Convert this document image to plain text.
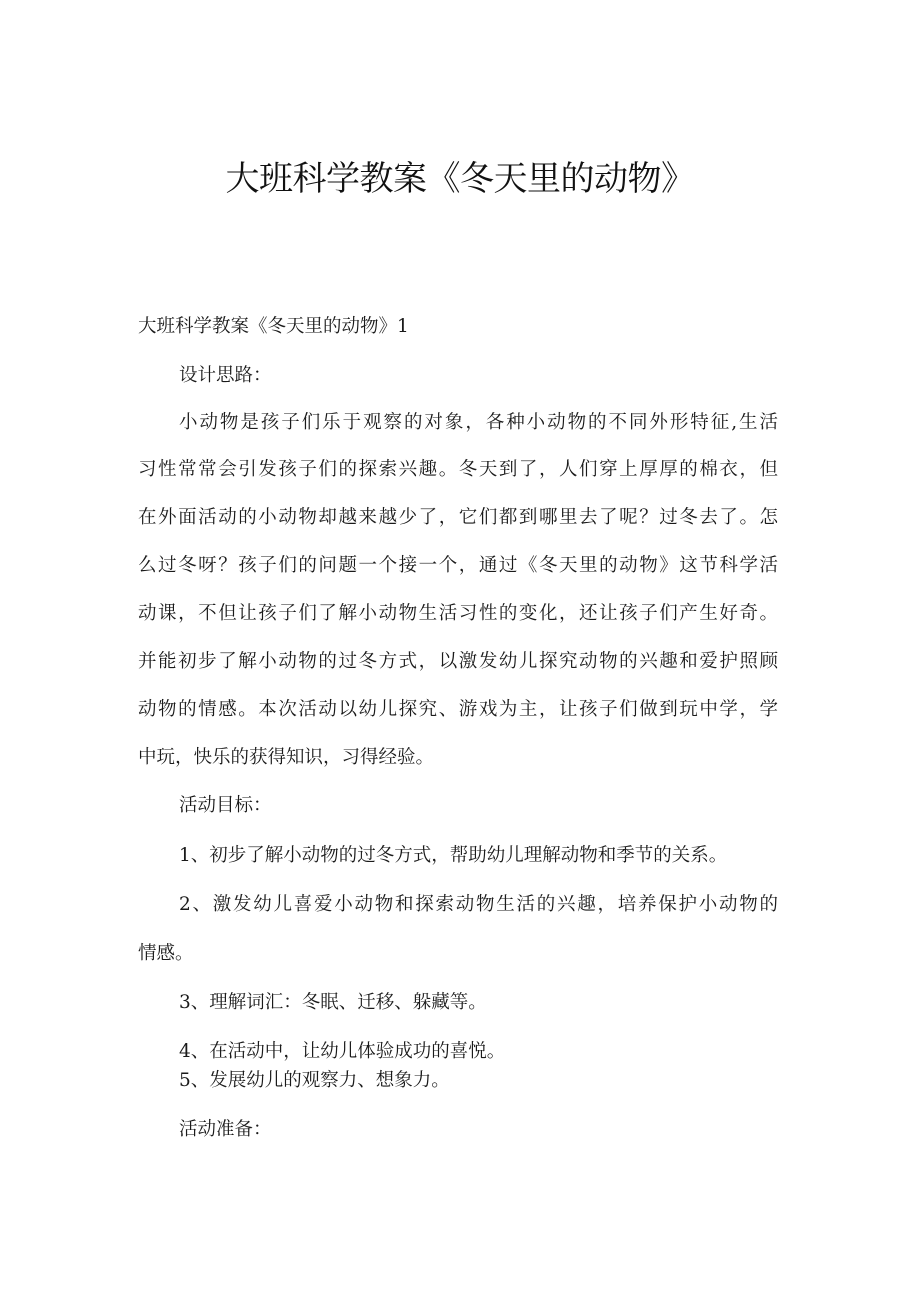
大班科学教案《冬天里的动物》
大班科学教案《冬天里的动物》1
设计思路：
小动物是孩子们乐于观察的对象，各种小动物的不同外形特征,生活
习性常常会引发孩子们的探索兴趣。冬天到了，人们穿上厚厚的棉衣，但
在外面活动的小动物却越来越少了，它们都到哪里去了呢？过冬去了。怎
么过冬呀？孩子们的问题一个接一个，通过《冬天里的动物》这节科学活
动课，不但让孩子们了解小动物生活习性的变化，还让孩子们产生好奇。
并能初步了解小动物的过冬方式，以激发幼儿探究动物的兴趣和爱护照顾
动物的情感。本次活动以幼儿探究、游戏为主，让孩子们做到玩中学，学
中玩，快乐的获得知识，习得经验。
活动目标：
1、初步了解小动物的过冬方式，帮助幼儿理解动物和季节的关系。
2、激发幼儿喜爱小动物和探索动物生活的兴趣，培养保护小动物的
情感。
3、理解词汇：冬眠、迁移、躲藏等。
4、在活动中，让幼儿体验成功的喜悦。
5、发展幼儿的观察力、想象力。
活动准备：
